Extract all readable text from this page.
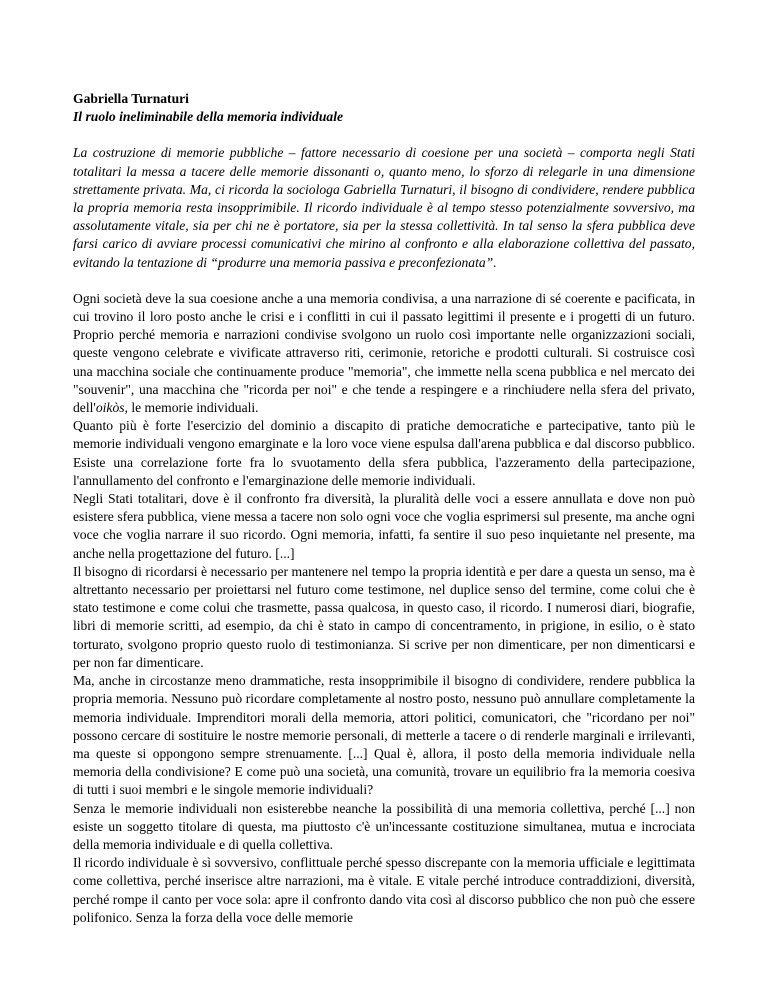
Gabriella Turnaturi

Il ruolo ineliminabile della memoria individuale

La costruzione di memorie pubbliche – fattore necessario di coesione per una società – comporta negli Stati totalitari la messa a tacere delle memorie dissonanti o, quanto meno, lo sforzo di relegarle in una dimensione strettamente privata. Ma, ci ricorda la sociologa Gabriella Turnaturi, il bisogno di condividere, rendere pubblica la propria memoria resta insopprimibile. Il ricordo individuale è al tempo stesso potenzialmente sovversivo, ma assolutamente vitale, sia per chi ne è portatore, sia per la stessa collettività. In tal senso la sfera pubblica deve farsi carico di avviare processi comunicativi che mirino al confronto e alla elaborazione collettiva del passato, evitando la tentazione di “produrre una memoria passiva e preconfezionata”.

Ogni società deve la sua coesione anche a una memoria condivisa, a una narrazione di sé coerente e pacificata, in cui trovino il loro posto anche le crisi e i conflitti in cui il passato legittimi il presente e i progetti di un futuro. Proprio perché memoria e narrazioni condivise svolgono un ruolo così importante nelle organizzazioni sociali, queste vengono celebrate e vivificate attraverso riti, cerimonie, retoriche e prodotti culturali. Si costruisce così una macchina sociale che continuamente produce "memoria", che immette nella scena pubblica e nel mercato dei "souvenir", una macchina che "ricorda per noi" e che tende a respingere e a rinchiudere nella sfera del privato, dell'oikòs, le memorie individuali.

Quanto più è forte l'esercizio del dominio a discapito di pratiche democratiche e partecipative, tanto più le memorie individuali vengono emarginate e la loro voce viene espulsa dall'arena pubblica e dal discorso pubblico. Esiste una correlazione forte fra lo svuotamento della sfera pubblica, l'azzeramento della partecipazione, l'annullamento del confronto e l'emarginazione delle memorie individuali.

Negli Stati totalitari, dove è il confronto fra diversità, la pluralità delle voci a essere annullata e dove non può esistere sfera pubblica, viene messa a tacere non solo ogni voce che voglia esprimersi sul presente, ma anche ogni voce che voglia narrare il suo ricordo. Ogni memoria, infatti, fa sentire il suo peso inquietante nel presente, ma anche nella progettazione del futuro. [...]

Il bisogno di ricordarsi è necessario per mantenere nel tempo la propria identità e per dare a questa un senso, ma è altrettanto necessario per proiettarsi nel futuro come testimone, nel duplice senso del termine, come colui che è stato testimone e come colui che trasmette, passa qualcosa, in questo caso, il ricordo. I numerosi diari, biografie, libri di memorie scritti, ad esempio, da chi è stato in campo di concentramento, in prigione, in esilio, o è stato torturato, svolgono proprio questo ruolo di testimonianza. Si scrive per non dimenticare, per non dimenticarsi e per non far dimenticare.

Ma, anche in circostanze meno drammatiche, resta insopprimibile il bisogno di condividere, rendere pubblica la propria memoria. Nessuno può ricordare completamente al nostro posto, nessuno può annullare completamente la memoria individuale. Imprenditori morali della memoria, attori politici, comunicatori, che "ricordano per noi" possono cercare di sostituire le nostre memorie personali, di metterle a tacere o di renderle marginali e irrilevanti, ma queste si oppongono sempre strenuamente. [...] Qual è, allora, il posto della memoria individuale nella memoria della condivisione? E come può una società, una comunità, trovare un equilibrio fra la memoria coesiva di tutti i suoi membri e le singole memorie individuali?

Senza le memorie individuali non esisterebbe neanche la possibilità di una memoria collettiva, perché [...] non esiste un soggetto titolare di questa, ma piuttosto c'è un'incessante costituzione simultanea, mutua e incrociata della memoria individuale e di quella collettiva.

Il ricordo individuale è sì sovversivo, conflittuale perché spesso discrepante con la memoria ufficiale e legittimata come collettiva, perché inserisce altre narrazioni, ma è vitale. E vitale perché introduce contraddizioni, diversità, perché rompe il canto per voce sola: apre il confronto dando vita così al discorso pubblico che non può che essere polifonico. Senza la forza della voce delle memorie
